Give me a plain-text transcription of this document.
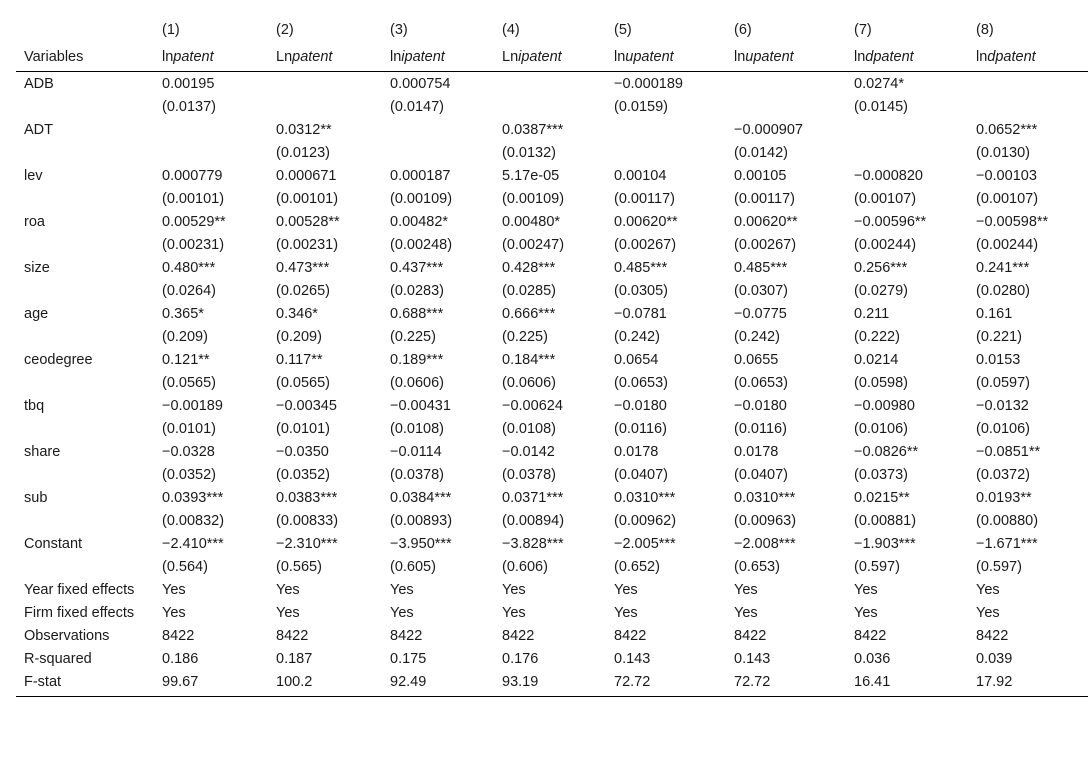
	(1)	(2)	(3)	(4)	(5)	(6)	(7)	(8)
Variables	lnpatent	Lnpatent	lnipatent	Lnipatent	lnupatent	lnupatent	lndpatent	lndpatent
ADB	0.00195		0.000754		−0.000189		0.0274*	
	(0.0137)		(0.0147)		(0.0159)		(0.0145)	
ADT		0.0312**		0.0387***		−0.000907		0.0652***
		(0.0123)		(0.0132)		(0.0142)		(0.0130)
lev	0.000779	0.000671	0.000187	5.17e-05	0.00104	0.00105	−0.000820	−0.00103
	(0.00101)	(0.00101)	(0.00109)	(0.00109)	(0.00117)	(0.00117)	(0.00107)	(0.00107)
roa	0.00529**	0.00528**	0.00482*	0.00480*	0.00620**	0.00620**	−0.00596**	−0.00598**
	(0.00231)	(0.00231)	(0.00248)	(0.00247)	(0.00267)	(0.00267)	(0.00244)	(0.00244)
size	0.480***	0.473***	0.437***	0.428***	0.485***	0.485***	0.256***	0.241***
	(0.0264)	(0.0265)	(0.0283)	(0.0285)	(0.0305)	(0.0307)	(0.0279)	(0.0280)
age	0.365*	0.346*	0.688***	0.666***	−0.0781	−0.0775	0.211	0.161
	(0.209)	(0.209)	(0.225)	(0.225)	(0.242)	(0.242)	(0.222)	(0.221)
ceodegree	0.121**	0.117**	0.189***	0.184***	0.0654	0.0655	0.0214	0.0153
	(0.0565)	(0.0565)	(0.0606)	(0.0606)	(0.0653)	(0.0653)	(0.0598)	(0.0597)
tbq	−0.00189	−0.00345	−0.00431	−0.00624	−0.0180	−0.0180	−0.00980	−0.0132
	(0.0101)	(0.0101)	(0.0108)	(0.0108)	(0.0116)	(0.0116)	(0.0106)	(0.0106)
share	−0.0328	−0.0350	−0.0114	−0.0142	0.0178	0.0178	−0.0826**	−0.0851**
	(0.0352)	(0.0352)	(0.0378)	(0.0378)	(0.0407)	(0.0407)	(0.0373)	(0.0372)
sub	0.0393***	0.0383***	0.0384***	0.0371***	0.0310***	0.0310***	0.0215**	0.0193**
	(0.00832)	(0.00833)	(0.00893)	(0.00894)	(0.00962)	(0.00963)	(0.00881)	(0.00880)
Constant	−2.410***	−2.310***	−3.950***	−3.828***	−2.005***	−2.008***	−1.903***	−1.671***
	(0.564)	(0.565)	(0.605)	(0.606)	(0.652)	(0.653)	(0.597)	(0.597)
Year fixed effects	Yes	Yes	Yes	Yes	Yes	Yes	Yes	Yes
Firm fixed effects	Yes	Yes	Yes	Yes	Yes	Yes	Yes	Yes
Observations	8422	8422	8422	8422	8422	8422	8422	8422
R-squared	0.186	0.187	0.175	0.176	0.143	0.143	0.036	0.039
F-stat	99.67	100.2	92.49	93.19	72.72	72.72	16.41	17.92
